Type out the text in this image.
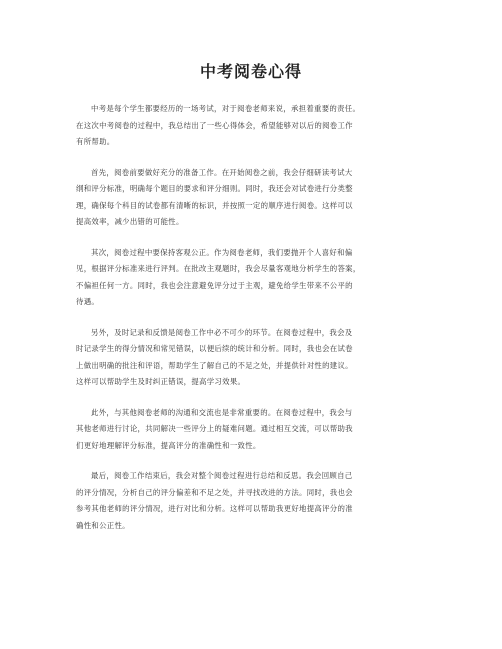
中考阅卷心得

中考是每个学生都要经历的一场考试，对于阅卷老师来说，承担着重要的责任。
在这次中考阅卷的过程中，我总结出了一些心得体会，希望能够对以后的阅卷工作
有所帮助。

首先，阅卷前要做好充分的准备工作。在开始阅卷之前，我会仔细研读考试大
纲和评分标准，明确每个题目的要求和评分细则。同时，我还会对试卷进行分类整
理，确保每个科目的试卷都有清晰的标识，并按照一定的顺序进行阅卷。这样可以
提高效率，减少出错的可能性。

其次，阅卷过程中要保持客观公正。作为阅卷老师，我们要抛开个人喜好和偏
见，根据评分标准来进行评判。在批改主观题时，我会尽量客观地分析学生的答案，
不偏袒任何一方。同时，我也会注意避免评分过于主观，避免给学生带来不公平的
待遇。

另外，及时记录和反馈是阅卷工作中必不可少的环节。在阅卷过程中，我会及
时记录学生的得分情况和常见错误，以便后续的统计和分析。同时，我也会在试卷
上做出明确的批注和评语，帮助学生了解自己的不足之处，并提供针对性的建议。
这样可以帮助学生及时纠正错误，提高学习效果。

此外，与其他阅卷老师的沟通和交流也是非常重要的。在阅卷过程中，我会与
其他老师进行讨论，共同解决一些评分上的疑难问题。通过相互交流，可以帮助我
们更好地理解评分标准，提高评分的准确性和一致性。

最后，阅卷工作结束后，我会对整个阅卷过程进行总结和反思。我会回顾自己
的评分情况，分析自己的评分偏差和不足之处，并寻找改进的方法。同时，我也会
参考其他老师的评分情况，进行对比和分析。这样可以帮助我更好地提高评分的准
确性和公正性。
